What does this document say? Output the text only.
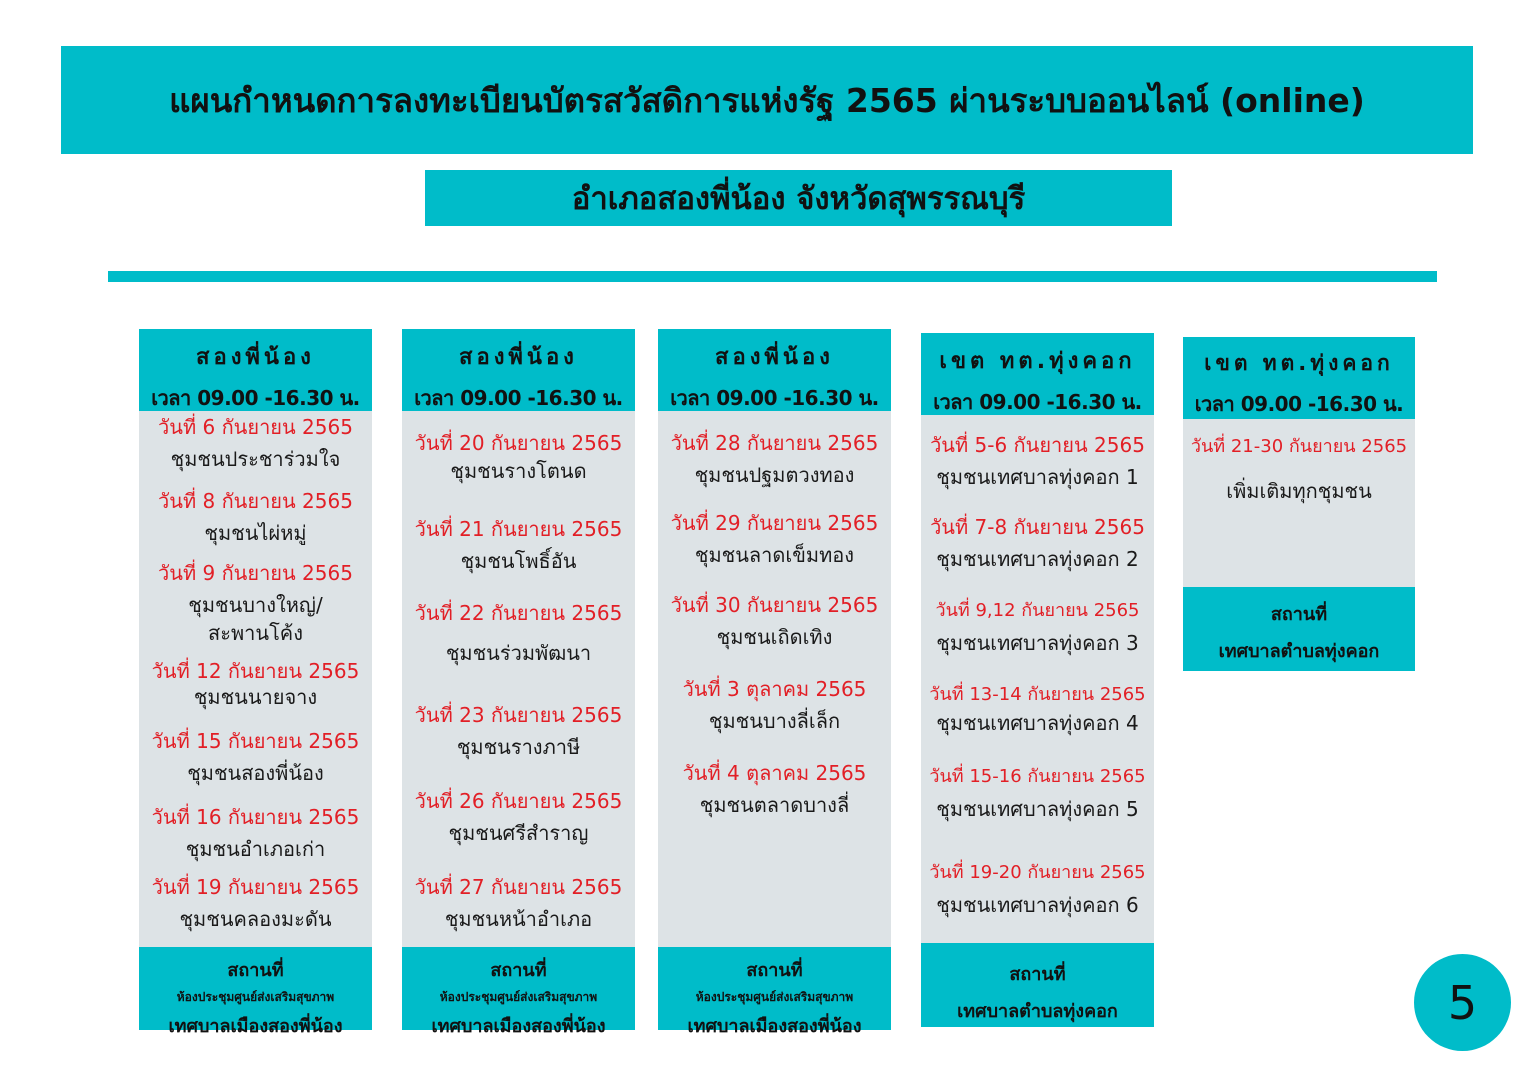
แผนกำหนดการลงทะเบียนบัตรสวัสดิการแห่งรัฐ 2565 ผ่านระบบออนไลน์ (online)
อำเภอสองพี่น้อง จังหวัดสุพรรณบุรี
สองพี่น้อง
เวลา 09.00 -16.30 น.
วันที่ 6 กันยายน 2565
ชุมชนประชาร่วมใจ
วันที่ 8 กันยายน 2565
ชุมชนไผ่หมู่
วันที่ 9 กันยายน 2565
ชุมชนบางใหญ่/ สะพานโค้ง
วันที่ 12 กันยายน 2565
ชุมชนนายจาง
วันที่ 15 กันยายน 2565
ชุมชนสองพี่น้อง
วันที่ 16 กันยายน 2565
ชุมชนอำเภอเก่า
วันที่ 19 กันยายน 2565
ชุมชนคลองมะดัน
สถานที่
ห้องประชุมศูนย์ส่งเสริมสุขภาพ
เทศบาลเมืองสองพี่น้อง
สองพี่น้อง
เวลา 09.00 -16.30 น.
วันที่ 20 กันยายน 2565
ชุมชนรางโตนด
วันที่ 21 กันยายน 2565
ชุมชนโพธิ์อัน
วันที่ 22 กันยายน 2565
ชุมชนร่วมพัฒนา
วันที่ 23 กันยายน 2565
ชุมชนรางภาษี
วันที่ 26 กันยายน 2565
ชุมชนศรีสำราญ
วันที่ 27 กันยายน 2565
ชุมชนหน้าอำเภอ
สถานที่
ห้องประชุมศูนย์ส่งเสริมสุขภาพ
เทศบาลเมืองสองพี่น้อง
สองพี่น้อง
เวลา 09.00 -16.30 น.
วันที่ 28 กันยายน 2565
ชุมชนปฐมตวงทอง
วันที่ 29 กันยายน 2565
ชุมชนลาดเข็มทอง
วันที่ 30 กันยายน 2565
ชุมชนเถิดเทิง
วันที่ 3 ตุลาคม 2565
ชุมชนบางลี่เล็ก
วันที่ 4 ตุลาคม 2565
ชุมชนตลาดบางลี่
สถานที่
ห้องประชุมศูนย์ส่งเสริมสุขภาพ
เทศบาลเมืองสองพี่น้อง
เขต ทต.ทุ่งคอก
เวลา 09.00 -16.30 น.
วันที่ 5-6 กันยายน 2565
ชุมชนเทศบาลทุ่งคอก 1
วันที่ 7-8 กันยายน 2565
ชุมชนเทศบาลทุ่งคอก 2
วันที่ 9,12 กันยายน 2565
ชุมชนเทศบาลทุ่งคอก 3
วันที่ 13-14 กันยายน 2565
ชุมชนเทศบาลทุ่งคอก 4
วันที่ 15-16 กันยายน 2565
ชุมชนเทศบาลทุ่งคอก 5
วันที่ 19-20 กันยายน 2565
ชุมชนเทศบาลทุ่งคอก 6
สถานที่
เทศบาลตำบลทุ่งคอก
เขต ทต.ทุ่งคอก
เวลา 09.00 -16.30 น.
วันที่ 21-30 กันยายน 2565
เพิ่มเติมทุกชุมชน
สถานที่
เทศบาลตำบลทุ่งคอก
5
